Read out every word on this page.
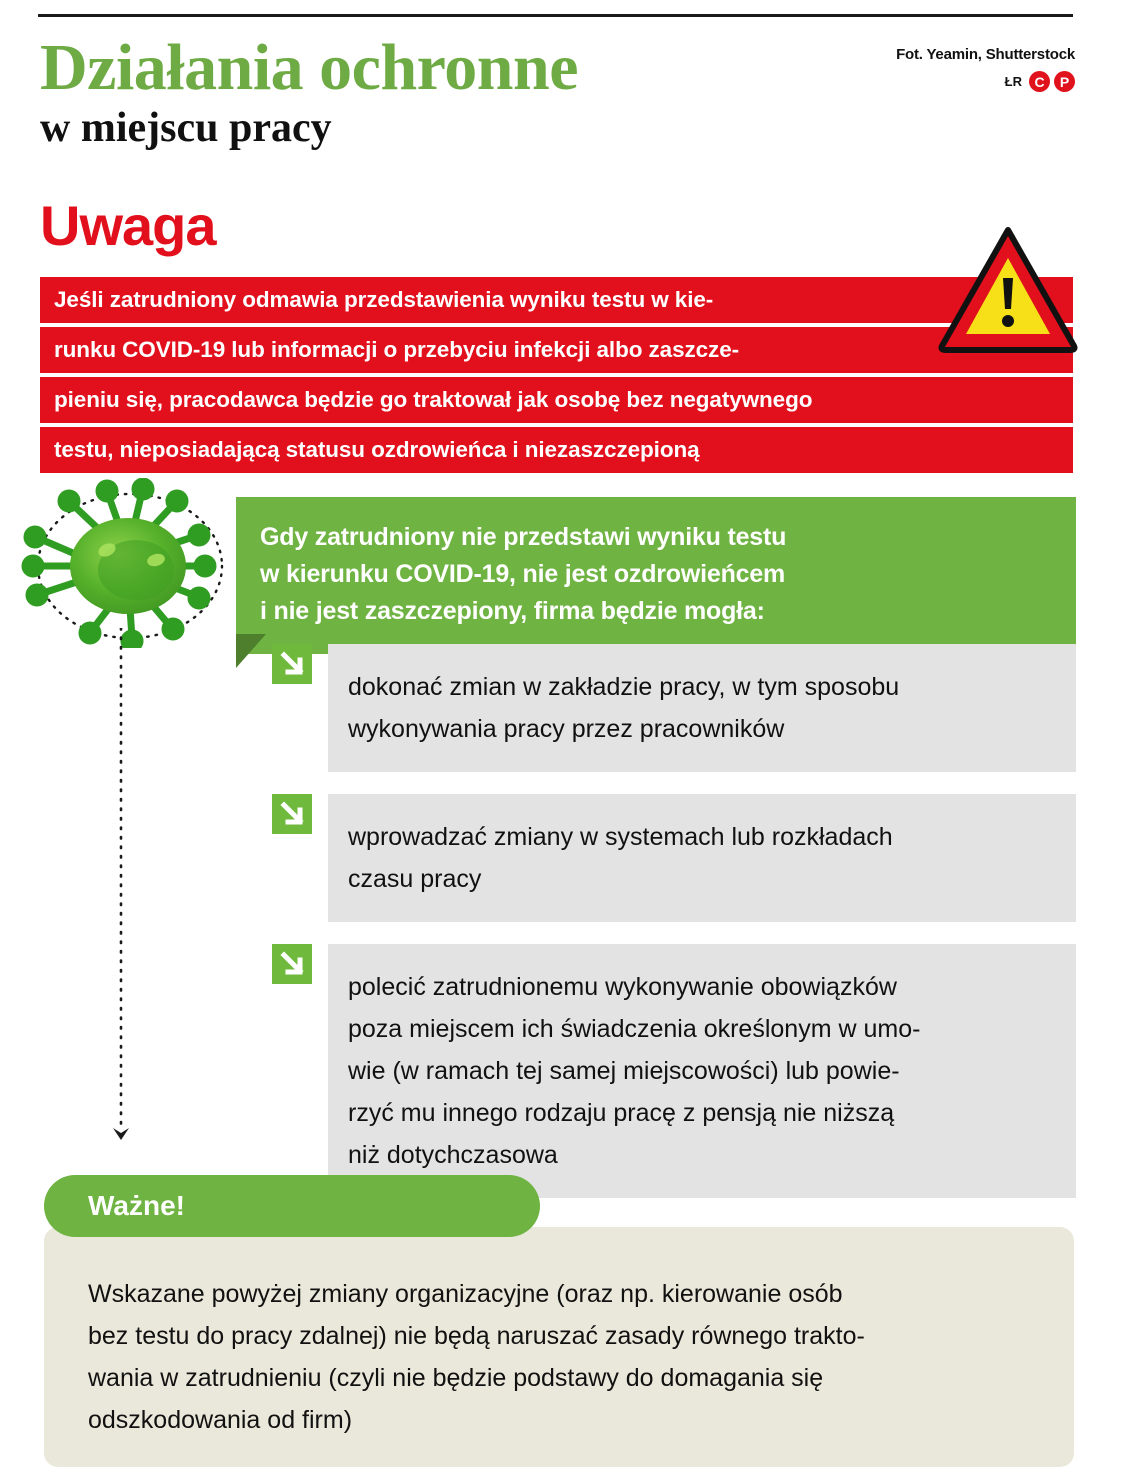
Działania ochronne
w miejscu pracy
Fot. Yeamin, Shutterstock
ŁR C	P
Uwaga
Jeśli zatrudniony odmawia przedstawienia wyniku testu w kie-
runku COVID-19 lub informacji o przebyciu infekcji albo zaszcze-
pieniu się, pracodawca będzie go traktował jak osobę bez negatywnego
testu, nieposiadającą statusu ozdrowieńca i niezaszczepioną
Gdy zatrudniony nie przedstawi wyniku testu
w kierunku COVID-19, nie jest ozdrowieńcem
i nie jest zaszczepiony, firma będzie mogła:
dokonać zmian w zakładzie pracy, w tym sposobu
wykonywania pracy przez pracowników
wprowadzać zmiany w systemach lub rozkładach
czasu pracy
polecić zatrudnionemu wykonywanie obowiązków
poza miejscem ich świadczenia określonym w umo-
wie (w ramach tej samej miejscowości) lub powie-
rzyć mu innego rodzaju pracę z pensją nie niższą
niż dotychczasowa
Ważne!
Wskazane powyżej zmiany organizacyjne (oraz np. kierowanie osób
bez testu do pracy zdalnej) nie będą naruszać zasady równego trakto-
wania w zatrudnieniu (czyli nie będzie podstawy do domagania się
odszkodowania od firm)
